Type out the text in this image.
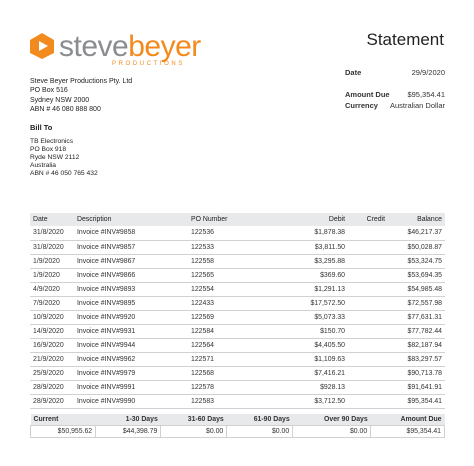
stevebeyer
PRODUCTIONS
Statement
Date	29/9/2020
Amount Due $95,354.41
Currency Australian Dollar
Steve Beyer Productions Pty. Ltd
PO Box 516
Sydney NSW 2000
ABN # 46 080 888 800
Bill To
TB Electronics
PO Box 918
Ryde NSW 2112
Australia
ABN # 46 050 765 432
Date	Description	PO Number	Debit	Credit	Balance
31/8/2020	Invoice #INV#9858	122536	$1,878.38		$46,217.37
31/8/2020	Invoice #INV#9857	122533	$3,811.50		$50,028.87
1/9/2020	Invoice #INV#9867	122558	$3,295.88		$53,324.75
1/9/2020	Invoice #INV#9866	122565	$369.60		$53,694.35
4/9/2020	Invoice #INV#9893	122554	$1,291.13		$54,985.48
7/9/2020	Invoice #INV#9895	122433	$17,572.50		$72,557.98
10/9/2020	Invoice #INV#9920	122569	$5,073.33		$77,631.31
14/9/2020	Invoice #INV#9931	122584	$150.70		$77,782.44
16/9/2020	Invoice #INV#9944	122564	$4,405.50		$82,187.94
21/9/2020	Invoice #INV#9962	122571	$1,109.63		$83,297.57
25/9/2020	Invoice #INV#9979	122568	$7,416.21		$90,713.78
28/9/2020	Invoice #INV#9991	122578	$928.13		$91,641.91
28/9/2020	Invoice #INV#9990	122583	$3,712.50		$95,354.41
Current	1-30 Days	31-60 Days	61-90 Days	Over 90 Days	Amount Due
$50,955.62	$44,398.79	$0.00	$0.00	$0.00	$95,354.41
